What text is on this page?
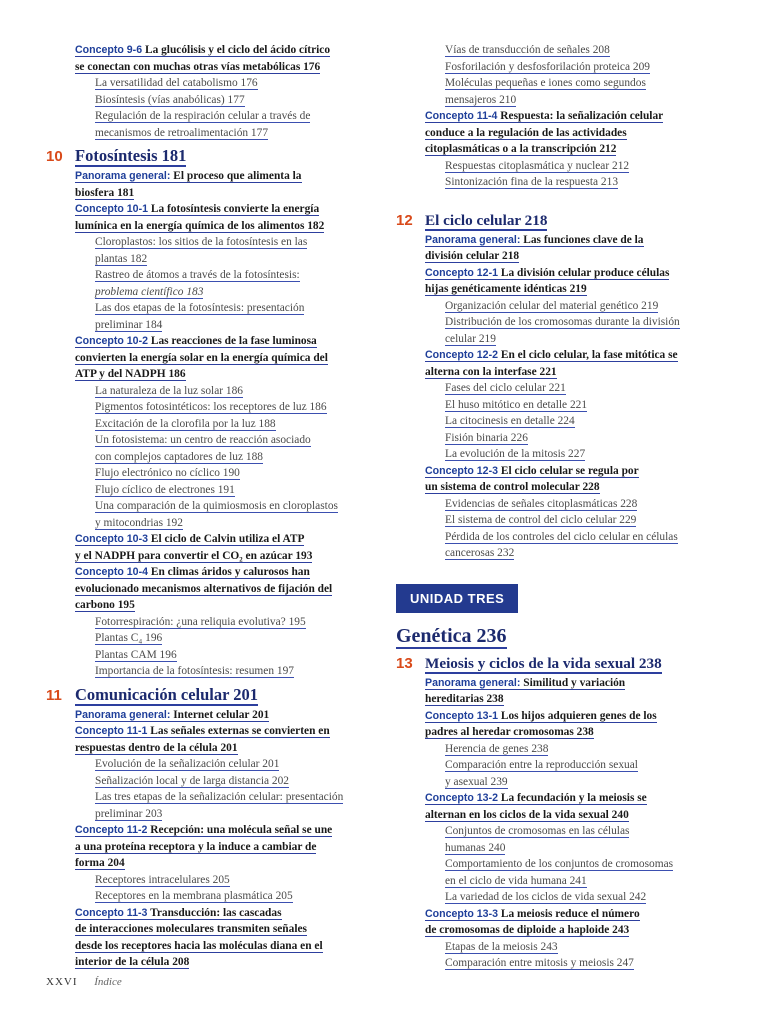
Concepto 9-6 La glucólisis y el ciclo del ácido cítrico
se conectan con muchas otras vías metabólicas 176
La versatilidad del catabolismo 176
Biosíntesis (vías anabólicas) 177
Regulación de la respiración celular a través de
mecanismos de retroalimentación 177
10 Fotosíntesis 181
Panorama general: El proceso que alimenta la
biosfera 181
Concepto 10-1 La fotosíntesis convierte la energía
lumínica en la energía química de los alimentos 182
Cloroplastos: los sitios de la fotosíntesis en las
plantas 182
Rastreo de átomos a través de la fotosíntesis:
problema científico 183
Las dos etapas de la fotosíntesis: presentación
preliminar 184
Concepto 10-2 Las reacciones de la fase luminosa
convierten la energía solar en la energía química del
ATP y del NADPH 186
La naturaleza de la luz solar 186
Pigmentos fotosintéticos: los receptores de luz 186
Excitación de la clorofila por la luz 188
Un fotosistema: un centro de reacción asociado
con complejos captadores de luz 188
Flujo electrónico no cíclico 190
Flujo cíclico de electrones 191
Una comparación de la quimiosmosis en cloroplastos
y mitocondrias 192
Concepto 10-3 El ciclo de Calvin utiliza el ATP
y el NADPH para convertir el CO₂ en azúcar 193
Concepto 10-4 En climas áridos y calurosos han
evolucionado mecanismos alternativos de fijación del
carbono 195
Fotorrespiración: ¿una reliquia evolutiva? 195
Plantas C₄ 196
Plantas CAM 196
Importancia de la fotosíntesis: resumen 197
11 Comunicación celular 201
Panorama general: Internet celular 201
Concepto 11-1 Las señales externas se convierten en
respuestas dentro de la célula 201
Evolución de la señalización celular 201
Señalización local y de larga distancia 202
Las tres etapas de la señalización celular: presentación
preliminar 203
Concepto 11-2 Recepción: una molécula señal se une
a una proteína receptora y la induce a cambiar de
forma 204
Receptores intracelulares 205
Receptores en la membrana plasmática 205
Concepto 11-3 Transducción: las cascadas
de interacciones moleculares transmiten señales
desde los receptores hacia las moléculas diana en el
interior de la célula 208
Vías de transducción de señales 208
Fosforilación y desfosforilación proteica 209
Moléculas pequeñas e iones como segundos
mensajeros 210
Concepto 11-4 Respuesta: la señalización celular
conduce a la regulación de las actividades
citoplasmáticas o a la transcripción 212
Respuestas citoplasmática y nuclear 212
Sintonización fina de la respuesta 213
12 El ciclo celular 218
Panorama general: Las funciones clave de la
división celular 218
Concepto 12-1 La división celular produce células
hijas genéticamente idénticas 219
Organización celular del material genético 219
Distribución de los cromosomas durante la división
celular 219
Concepto 12-2 En el ciclo celular, la fase mitótica se
alterna con la interfase 221
Fases del ciclo celular 221
El huso mitótico en detalle 221
La citocinesis en detalle 224
Fisión binaria 226
La evolución de la mitosis 227
Concepto 12-3 El ciclo celular se regula por
un sistema de control molecular 228
Evidencias de señales citoplasmáticas 228
El sistema de control del ciclo celular 229
Pérdida de los controles del ciclo celular en células
cancerosas 232
UNIDAD TRES
Genética 236
13 Meiosis y ciclos de la vida sexual 238
Panorama general: Similitud y variación
hereditarias 238
Concepto 13-1 Los hijos adquieren genes de los
padres al heredar cromosomas 238
Herencia de genes 238
Comparación entre la reproducción sexual
y asexual 239
Concepto 13-2 La fecundación y la meiosis se
alternan en los ciclos de la vida sexual 240
Conjuntos de cromosomas en las células
humanas 240
Comportamiento de los conjuntos de cromosomas
en el ciclo de vida humana 241
La variedad de los ciclos de vida sexual 242
Concepto 13-3 La meiosis reduce el número
de cromosomas de diploide a haploide 243
Etapas de la meiosis 243
Comparación entre mitosis y meiosis 247
XXVI Índice
